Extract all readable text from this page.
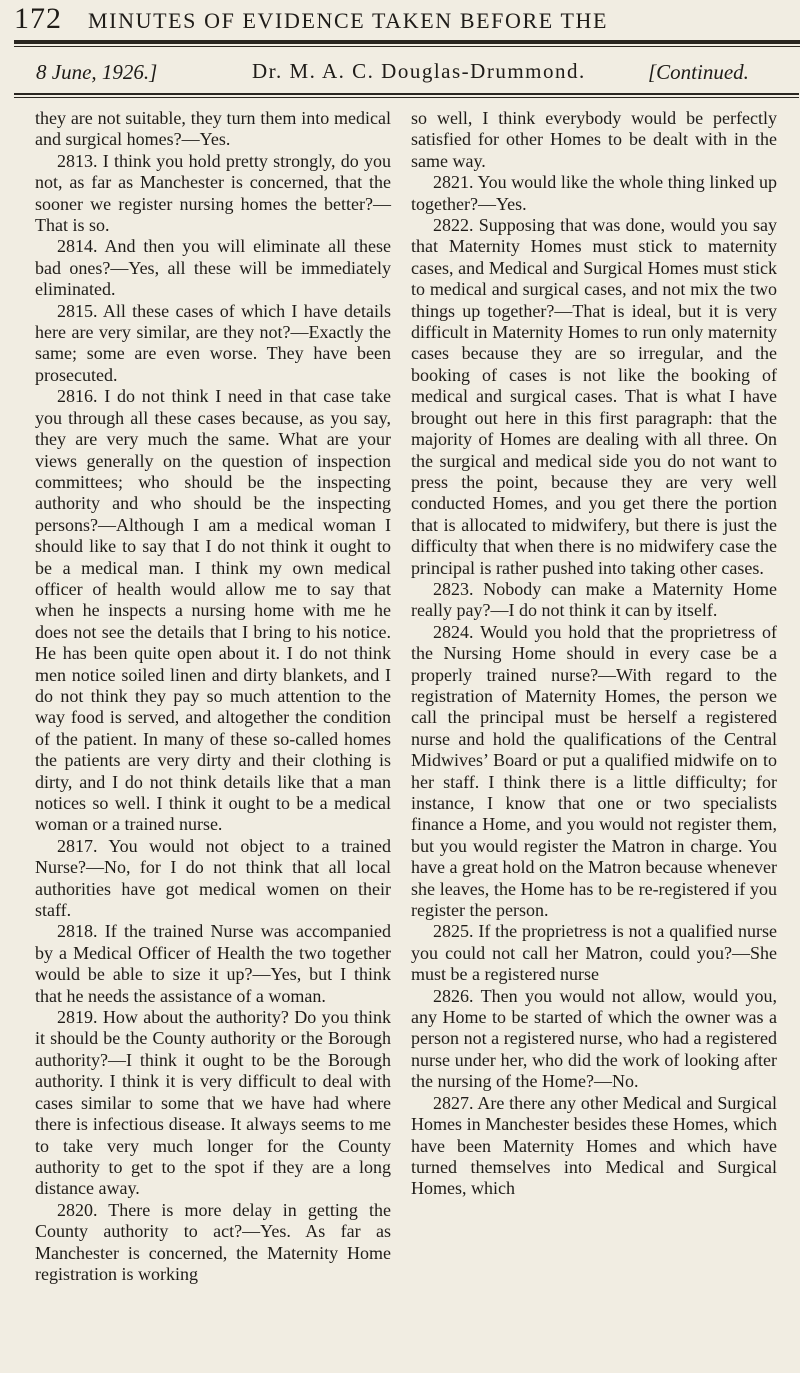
172 MINUTES OF EVIDENCE TAKEN BEFORE THE
8 June, 1926.]	Dr. M. A. C. Douglas-Drummond.	[Continued.

they are not suitable, they turn them into medical and surgical homes?—Yes.

2813. I think you hold pretty strongly, do you not, as far as Manchester is concerned, that the sooner we register nursing homes the better?—That is so.

2814. And then you will eliminate all these bad ones?—Yes, all these will be immediately eliminated.

2815. All these cases of which I have details here are very similar, are they not?—Exactly the same; some are even worse. They have been prosecuted.

2816. I do not think I need in that case take you through all these cases because, as you say, they are very much the same. What are your views generally on the question of inspection committees; who should be the inspecting authority and who should be the inspecting persons?—Although I am a medical woman I should like to say that I do not think it ought to be a medical man. I think my own medical officer of health would allow me to say that when he inspects a nursing home with me he does not see the details that I bring to his notice. He has been quite open about it. I do not think men notice soiled linen and dirty blankets, and I do not think they pay so much attention to the way food is served, and altogether the condition of the patient. In many of these so-called homes the patients are very dirty and their clothing is dirty, and I do not think details like that a man notices so well. I think it ought to be a medical woman or a trained nurse.

2817. You would not object to a trained Nurse?—No, for I do not think that all local authorities have got medical women on their staff.

2818. If the trained Nurse was accompanied by a Medical Officer of Health the two together would be able to size it up?—Yes, but I think that he needs the assistance of a woman.

2819. How about the authority? Do you think it should be the County authority or the Borough authority?—I think it ought to be the Borough authority. I think it is very difficult to deal with cases similar to some that we have had where there is infectious disease. It always seems to me to take very much longer for the County authority to get to the spot if they are a long distance away.

2820. There is more delay in getting the County authority to act?—Yes. As far as Manchester is concerned, the Maternity Home registration is working

so well, I think everybody would be perfectly satisfied for other Homes to be dealt with in the same way.

2821. You would like the whole thing linked up together?—Yes.

2822. Supposing that was done, would you say that Maternity Homes must stick to maternity cases, and Medical and Surgical Homes must stick to medical and surgical cases, and not mix the two things up together?—That is ideal, but it is very difficult in Maternity Homes to run only maternity cases because they are so irregular, and the booking of cases is not like the booking of medical and surgical cases. That is what I have brought out here in this first paragraph: that the majority of Homes are dealing with all three. On the surgical and medical side you do not want to press the point, because they are very well conducted Homes, and you get there the portion that is allocated to midwifery, but there is just the difficulty that when there is no midwifery case the principal is rather pushed into taking other cases.

2823. Nobody can make a Maternity Home really pay?—I do not think it can by itself.

2824. Would you hold that the proprietress of the Nursing Home should in every case be a properly trained nurse?—With regard to the registration of Maternity Homes, the person we call the principal must be herself a registered nurse and hold the qualifications of the Central Midwives’ Board or put a qualified midwife on to her staff. I think there is a little difficulty; for instance, I know that one or two specialists finance a Home, and you would not register them, but you would register the Matron in charge. You have a great hold on the Matron because whenever she leaves, the Home has to be re-registered if you register the person.

2825. If the proprietress is not a qualified nurse you could not call her Matron, could you?—She must be a registered nurse

2826. Then you would not allow, would you, any Home to be started of which the owner was a person not a registered nurse, who had a registered nurse under her, who did the work of looking after the nursing of the Home?—No.

2827. Are there any other Medical and Surgical Homes in Manchester besides these Homes, which have been Maternity Homes and which have turned themselves into Medical and Surgical Homes, which
